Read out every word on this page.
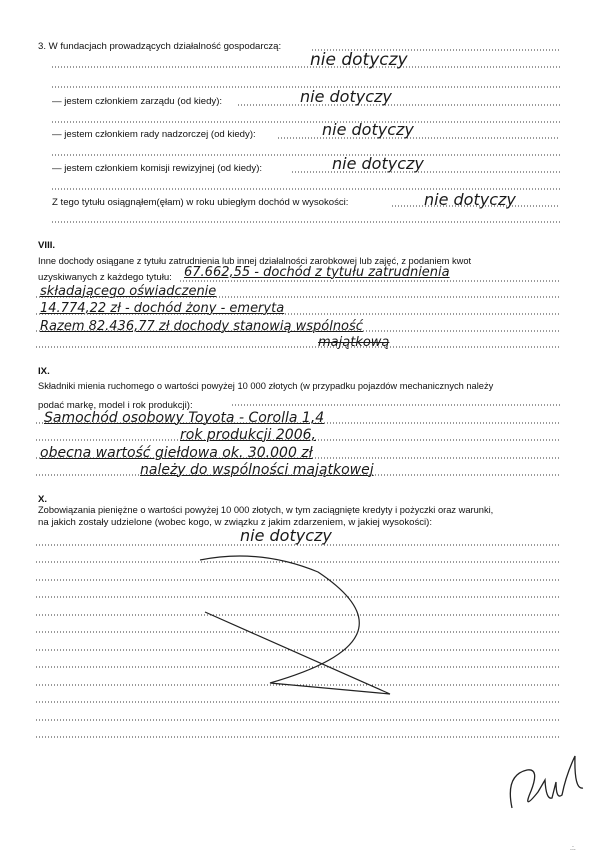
.:.
3. W fundacjach prowadzących działalność gospodarczą:
nie dotyczy
— jestem członkiem zarządu (od kiedy):	nie dotyczy
— jestem członkiem rady nadzorczej (od kiedy):	nie dotyczy
— jestem członkiem komisji rewizyjnej (od kiedy):	nie dotyczy
Z tego tytułu osiągnąłem(ęłam) w roku ubiegłym dochód w wysokości:	nie dotyczy
VIII.
Inne dochody osiągane z tytułu zatrudnienia lub innej działalności zarobkowej lub zajęć, z podaniem kwot
uzyskiwanych z każdego tytułu: 67.662,55 - dochód z tytułu zatrudnienia
składającego oświadczenie
14.774,22 zł - dochód żony - emeryta
Razem 82.436,77 zł dochody stanowią wspólność
majątkową
IX.
Składniki mienia ruchomego o wartości powyżej 10 000 złotych (w przypadku pojazdów mechanicznych należy
podać markę, model i rok produkcji):
Samochód osobowy Toyota - Corolla 1,4
rok produkcji 2006,
obecna wartość giełdowa ok. 30.000 zł
należy do wspólności majątkowej
X.
Zobowiązania pieniężne o wartości powyżej 10 000 złotych, w tym zaciągnięte kredyty i pożyczki oraz warunki,
na jakich zostały udzielone (wobec kogo, w związku z jakim zdarzeniem, w jakiej wysokości):
nie dotyczy
